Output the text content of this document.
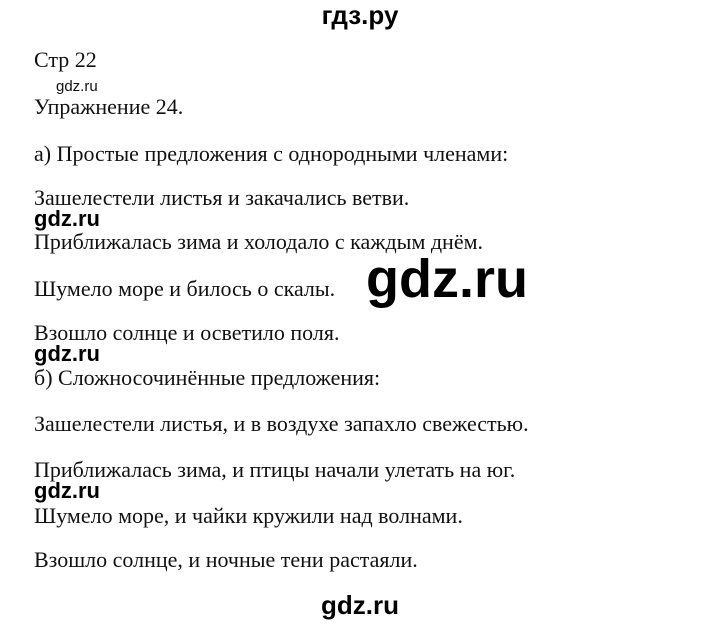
гдз.ру
Стр 22
gdz.ru
Упражнение 24.
а) Простые предложения с однородными членами:
Зашелестели листья и закачались ветви.
gdz.ru
Приближалась зима и холодало с каждым днём.
Шумело море и билось о скалы. gdz.ru
Взошло солнце и осветило поля.
gdz.ru
б) Сложносочинённые предложения:
Зашелестели листья, и в воздухе запахло свежестью.
Приближалась зима, и птицы начали улетать на юг.
gdz.ru
Шумело море, и чайки кружили над волнами.
Взошло солнце, и ночные тени растаяли.
gdz.ru
